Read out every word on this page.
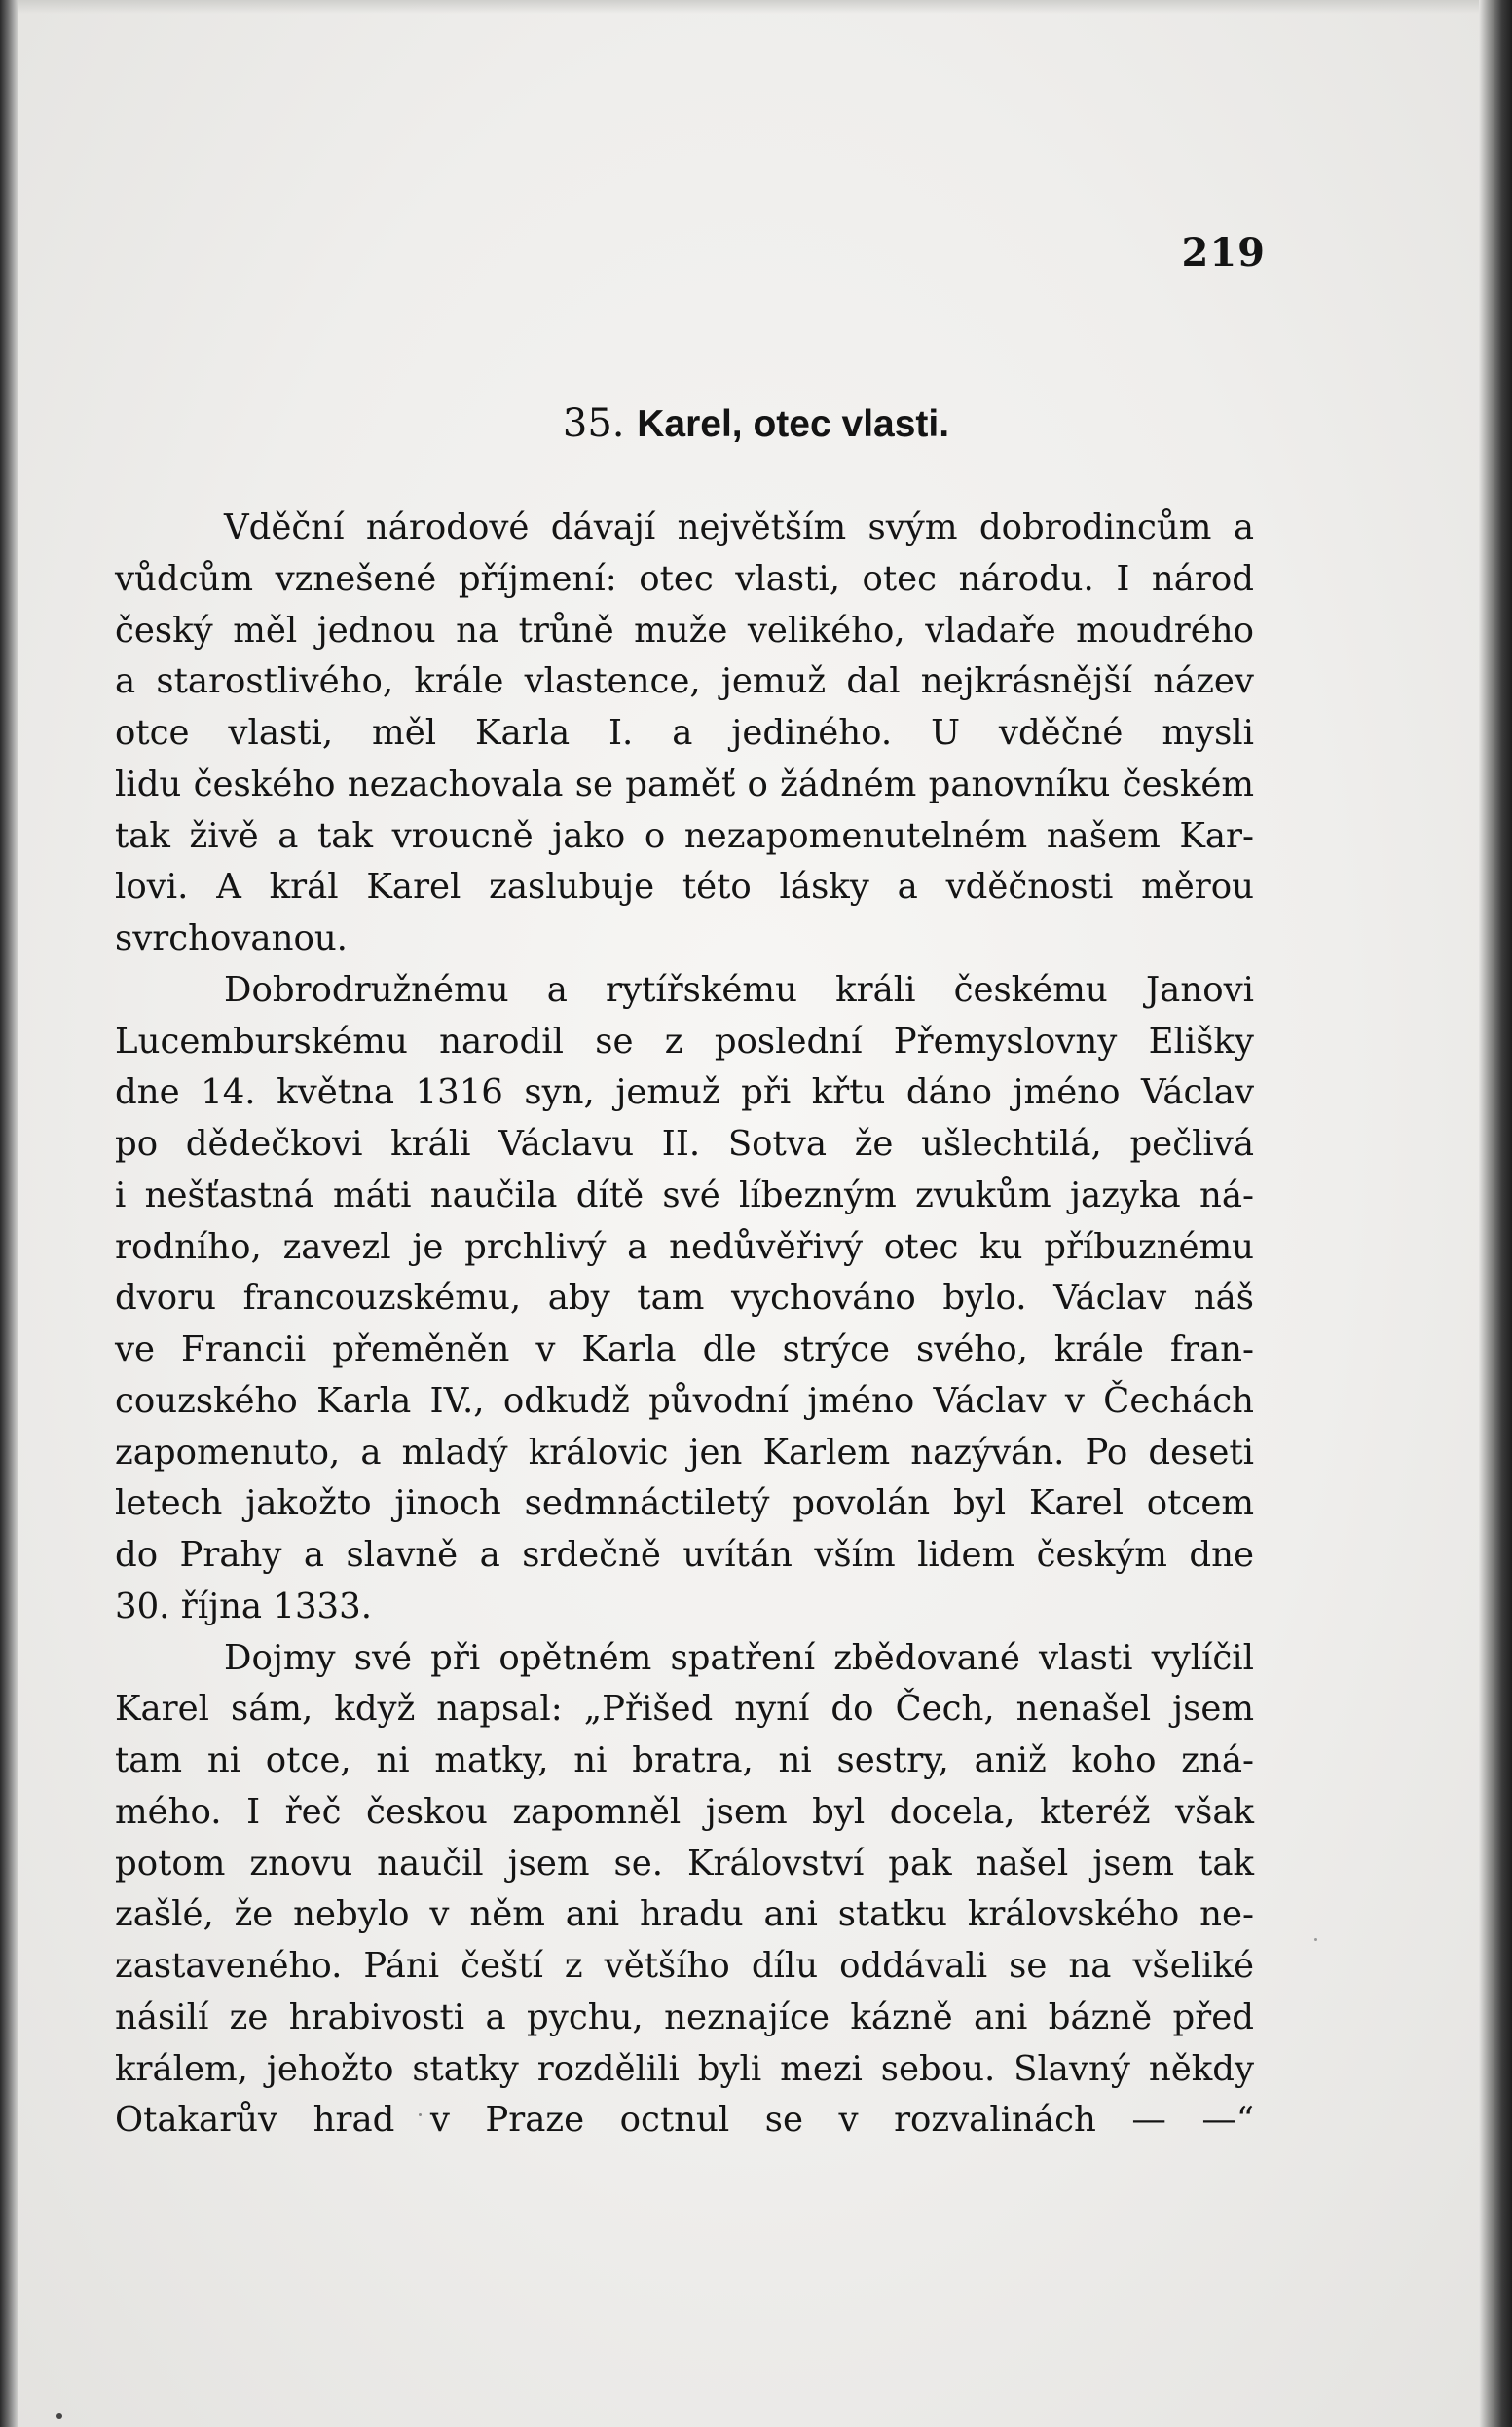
219
35. Karel, otec vlasti.
Vděční národové dávají největším svým dobrodincům a
vůdcům vznešené příjmení: otec vlasti, otec národu. I národ
český měl jednou na trůně muže velikého, vladaře moudrého
a starostlivého, krále vlastence, jemuž dal nejkrásnější název
otce vlasti, měl Karla I. a jediného. U vděčné mysli
lidu českého nezachovala se paměť o žádném panovníku českém
tak živě a tak vroucně jako o nezapomenutelném našem Kar-
lovi. A král Karel zaslubuje této lásky a vděčnosti měrou
svrchovanou.
Dobrodružnému a rytířskému králi českému Janovi
Lucemburskému narodil se z poslední Přemyslovny Elišky
dne 14. května 1316 syn, jemuž při křtu dáno jméno Václav
po dědečkovi králi Václavu II. Sotva že ušlechtilá, pečlivá
i nešťastná máti naučila dítě své líbezným zvukům jazyka ná-
rodního, zavezl je prchlivý a nedůvěřivý otec ku příbuznému
dvoru francouzskému, aby tam vychováno bylo. Václav náš
ve Francii přeměněn v Karla dle strýce svého, krále fran-
couzského Karla IV., odkudž původní jméno Václav v Čechách
zapomenuto, a mladý královic jen Karlem nazýván. Po deseti
letech jakožto jinoch sedmnáctiletý povolán byl Karel otcem
do Prahy a slavně a srdečně uvítán vším lidem českým dne
30. října 1333.
Dojmy své při opětném spatření zbědované vlasti vylíčil
Karel sám, když napsal: „Přišed nyní do Čech, nenašel jsem
tam ni otce, ni matky, ni bratra, ni sestry, aniž koho zná-
mého. I řeč českou zapomněl jsem byl docela, kteréž však
potom znovu naučil jsem se. Království pak našel jsem tak
zašlé, že nebylo v něm ani hradu ani statku královského ne-
zastaveného. Páni čeští z většího dílu oddávali se na všeliké
násilí ze hrabivosti a pychu, neznajíce kázně ani bázně před
králem, jehožto statky rozdělili byli mezi sebou. Slavný někdy
Otakarův hrad v Praze octnul se v rozvalinách — —“
